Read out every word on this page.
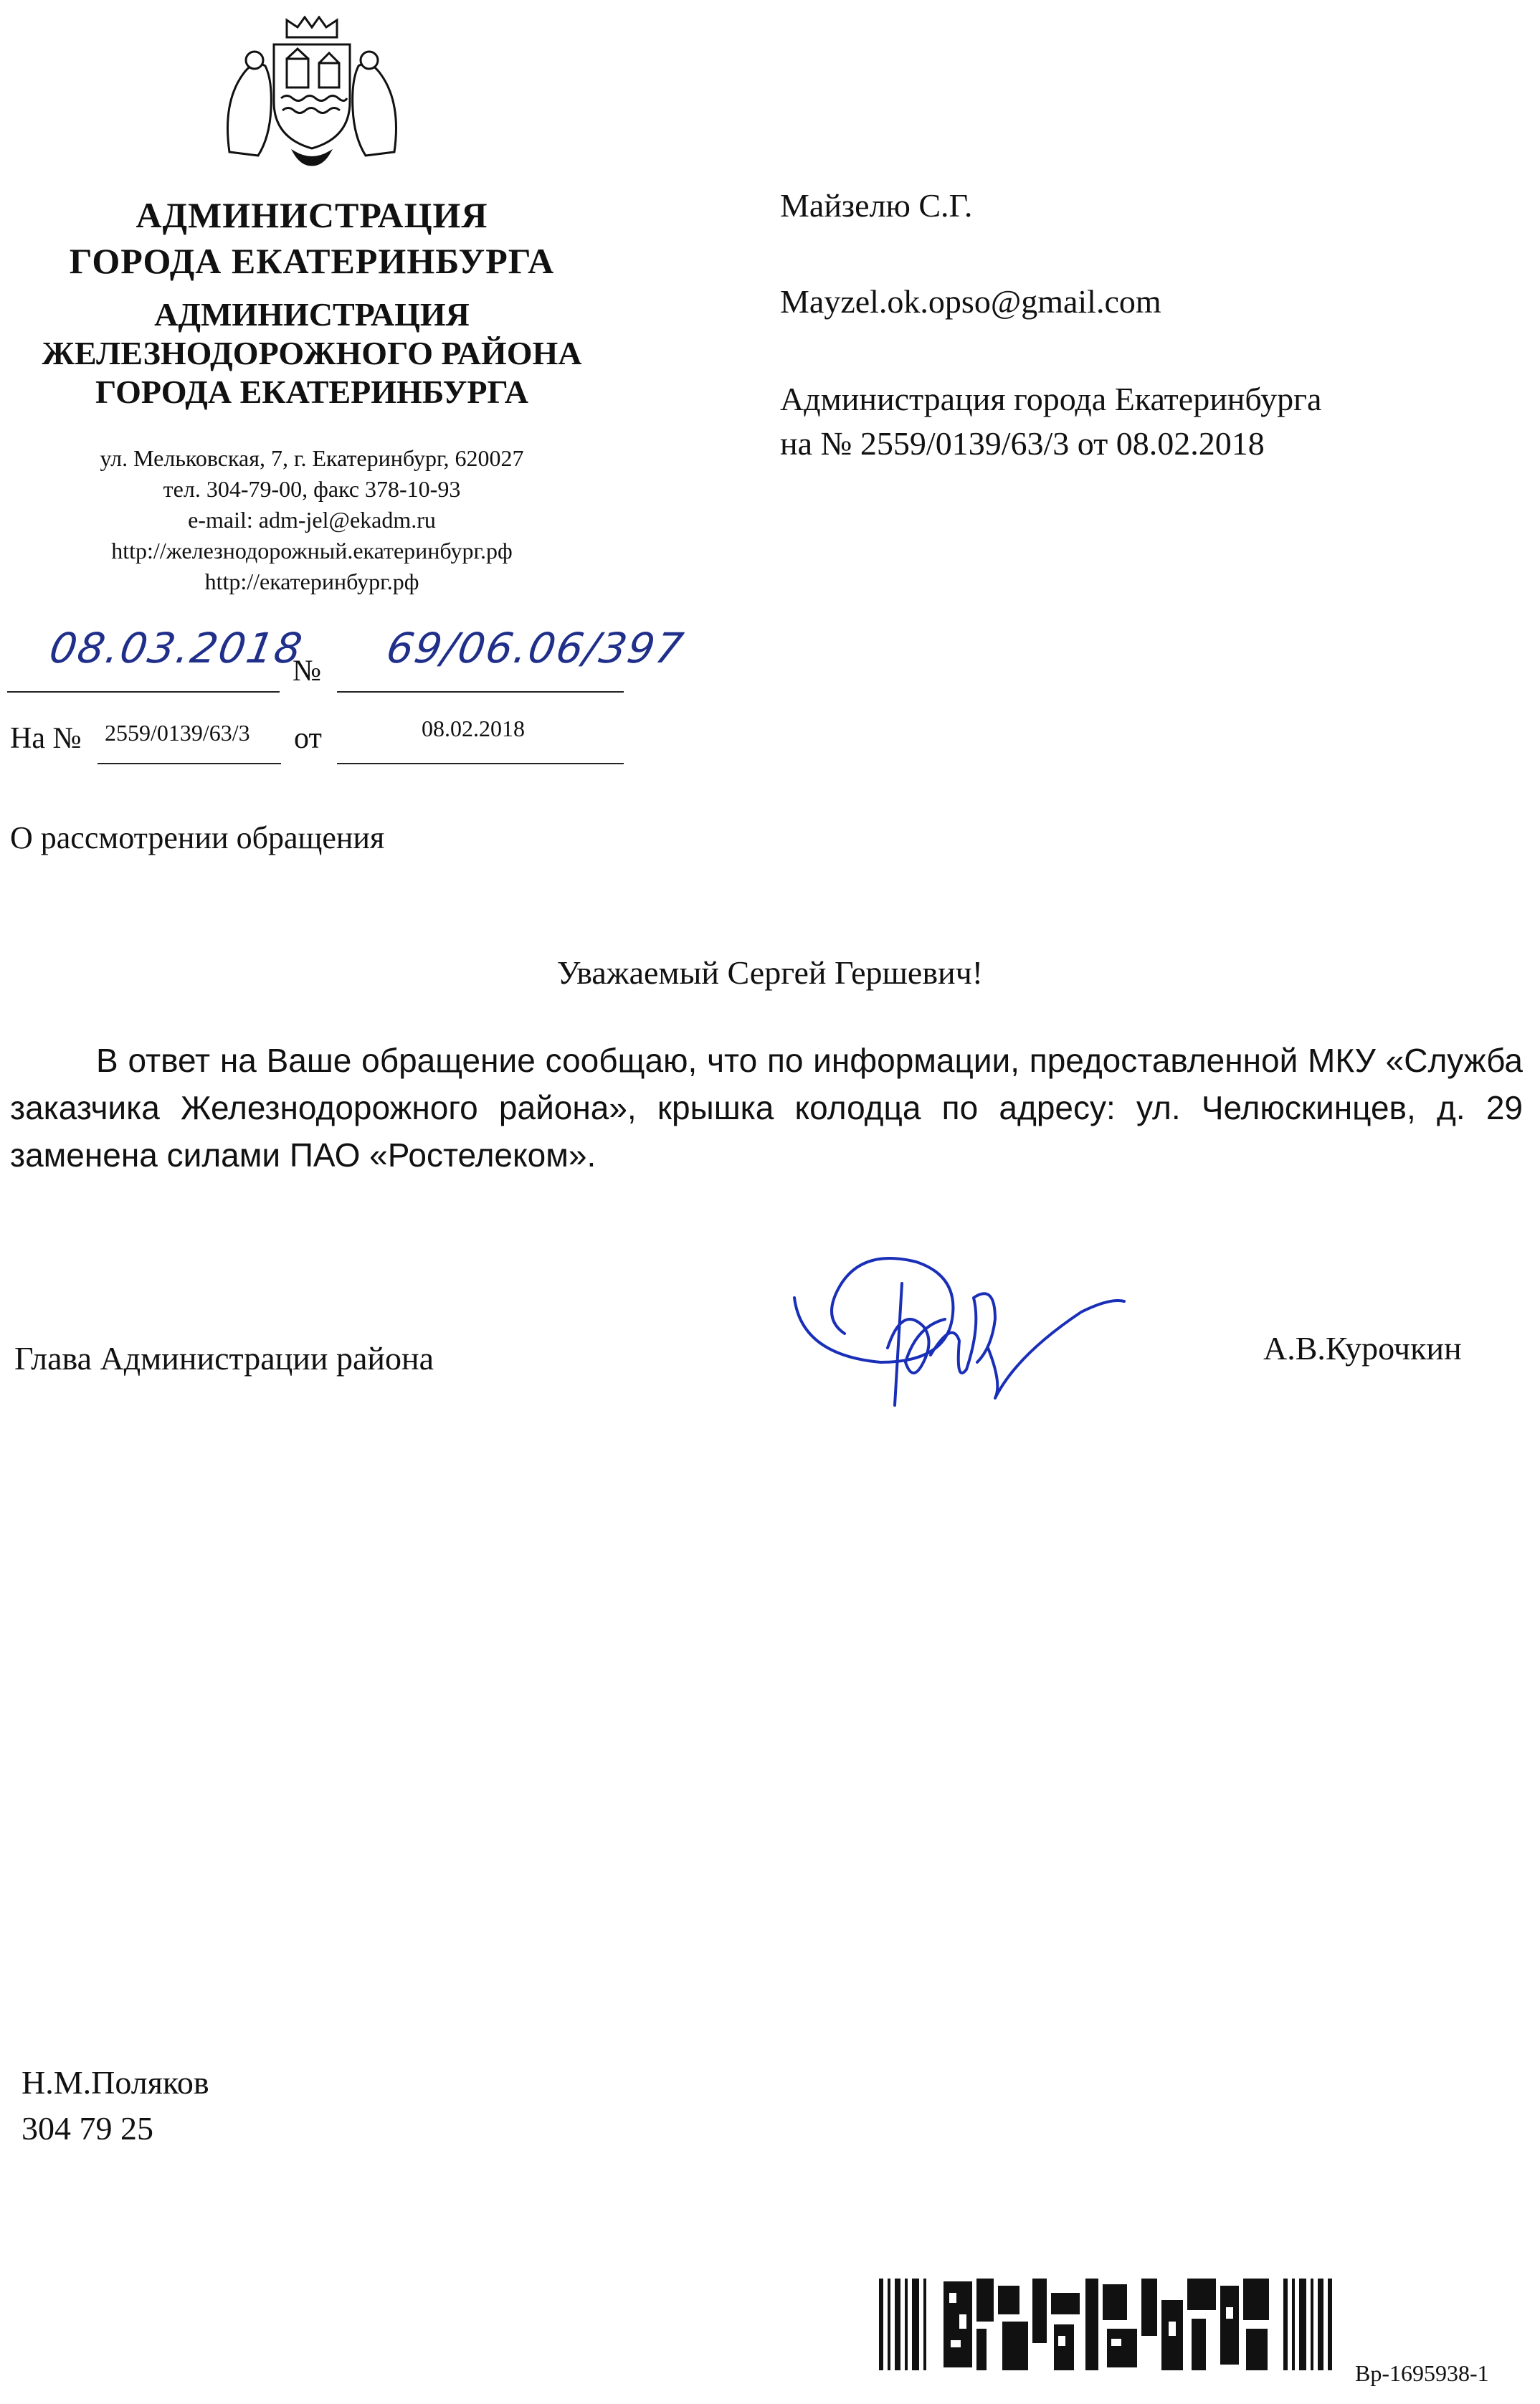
АДМИНИСТРАЦИЯ
ГОРОДА ЕКАТЕРИНБУРГА
АДМИНИСТРАЦИЯ
ЖЕЛЕЗНОДОРОЖНОГО РАЙОНА
ГОРОДА ЕКАТЕРИНБУРГА
ул. Мельковская, 7, г. Екатеринбург, 620027
тел. 304-79-00, факс 378-10-93
e-mail: adm-jel@ekadm.ru
http://железнодорожный.екатеринбург.рф
http://екатеринбург.рф
08.03.2018
№ 69/06.06/397
На № 2559/0139/63/3 от	08.02.2018
О рассмотрении обращения
Майзелю С.Г.
Mayzel.ok.opso@gmail.com
Администрация города Екатеринбурга
на № 2559/0139/63/3 от 08.02.2018
Уважаемый Сергей Гершевич!
В ответ на Ваше обращение сообщаю, что по информации, предоставленной МКУ «Служба заказчика Железнодорожного района», крышка колодца по адресу: ул. Челюскинцев, д. 29 заменена силами ПАО «Ростелеком».
Глава Администрации района	А.В.Курочкин
Н.М.Поляков
304 79 25
Вр-1695938-1
